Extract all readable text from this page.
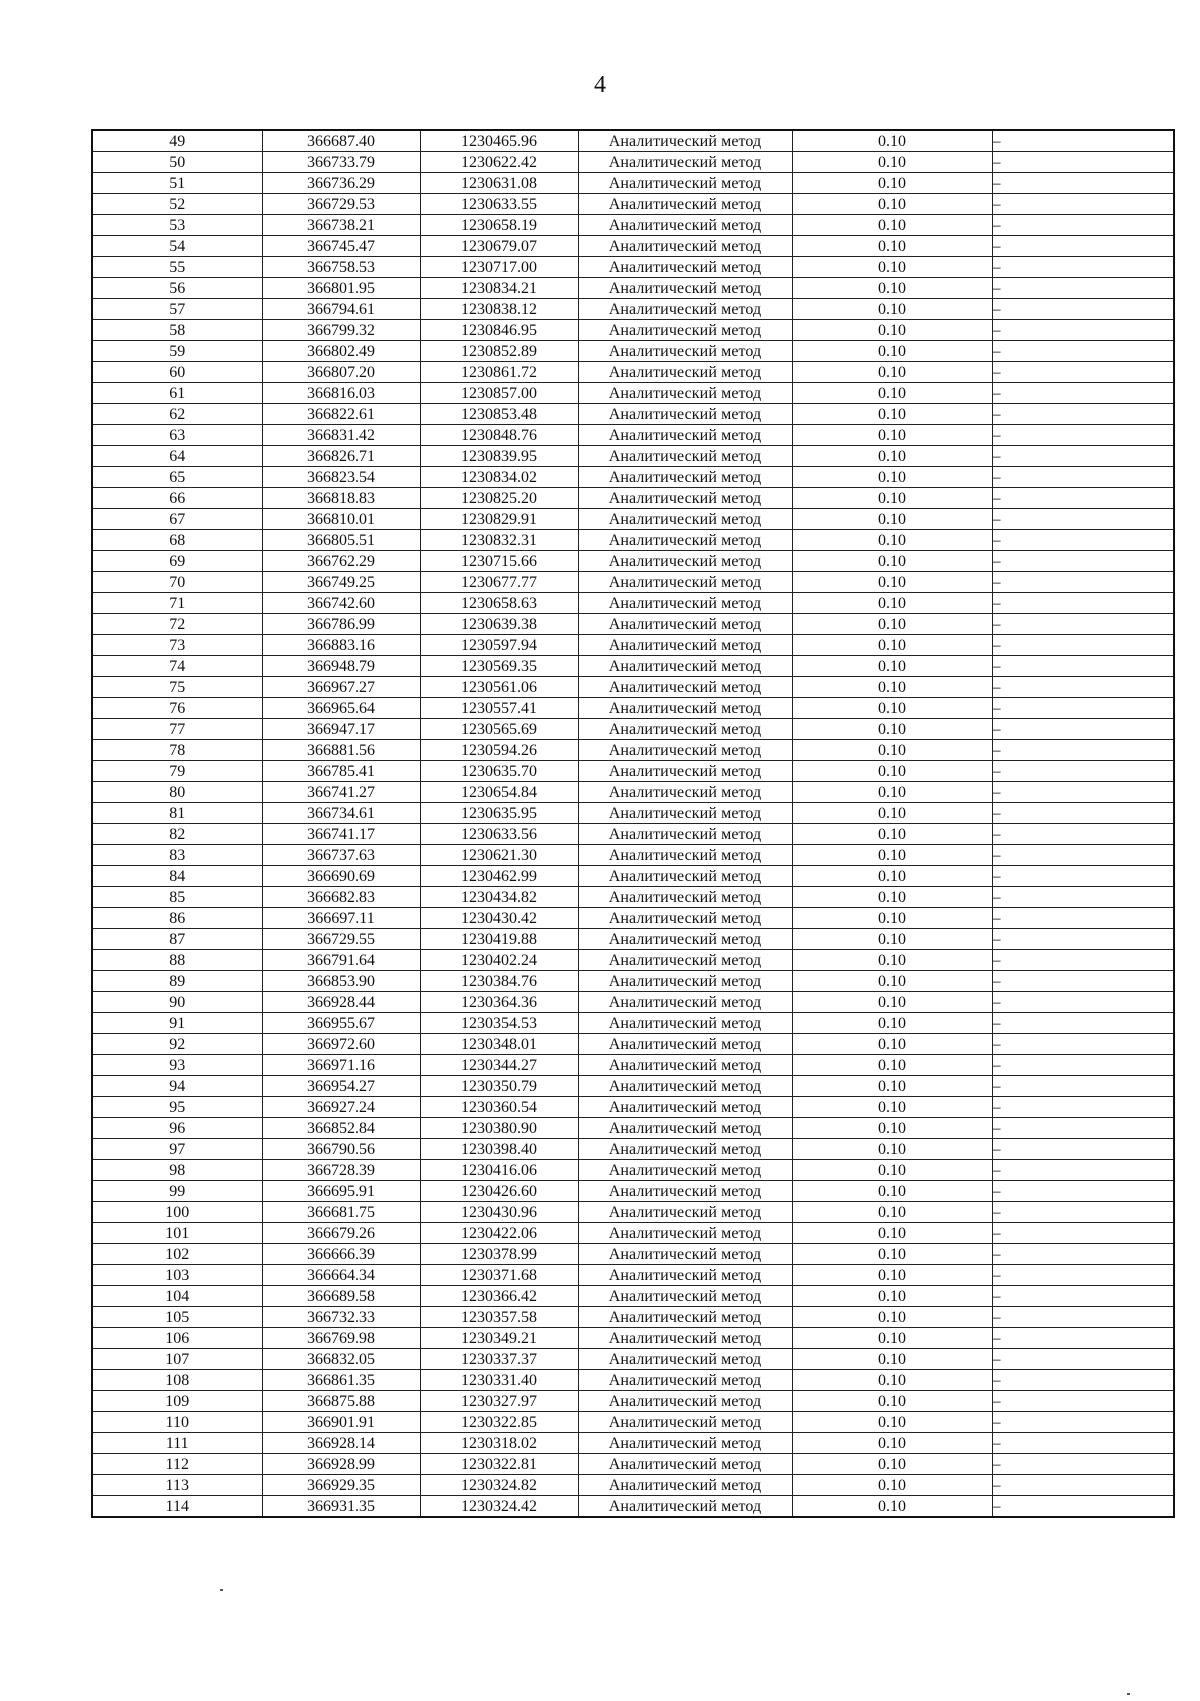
4
49	366687.40	1230465.96	Аналитический метод	0.10	–
50	366733.79	1230622.42	Аналитический метод	0.10	–
51	366736.29	1230631.08	Аналитический метод	0.10	–
52	366729.53	1230633.55	Аналитический метод	0.10	–
53	366738.21	1230658.19	Аналитический метод	0.10	–
54	366745.47	1230679.07	Аналитический метод	0.10	–
55	366758.53	1230717.00	Аналитический метод	0.10	–
56	366801.95	1230834.21	Аналитический метод	0.10	–
57	366794.61	1230838.12	Аналитический метод	0.10	–
58	366799.32	1230846.95	Аналитический метод	0.10	–
59	366802.49	1230852.89	Аналитический метод	0.10	–
60	366807.20	1230861.72	Аналитический метод	0.10	–
61	366816.03	1230857.00	Аналитический метод	0.10	–
62	366822.61	1230853.48	Аналитический метод	0.10	–
63	366831.42	1230848.76	Аналитический метод	0.10	–
64	366826.71	1230839.95	Аналитический метод	0.10	–
65	366823.54	1230834.02	Аналитический метод	0.10	–
66	366818.83	1230825.20	Аналитический метод	0.10	–
67	366810.01	1230829.91	Аналитический метод	0.10	–
68	366805.51	1230832.31	Аналитический метод	0.10	–
69	366762.29	1230715.66	Аналитический метод	0.10	–
70	366749.25	1230677.77	Аналитический метод	0.10	–
71	366742.60	1230658.63	Аналитический метод	0.10	–
72	366786.99	1230639.38	Аналитический метод	0.10	–
73	366883.16	1230597.94	Аналитический метод	0.10	–
74	366948.79	1230569.35	Аналитический метод	0.10	–
75	366967.27	1230561.06	Аналитический метод	0.10	–
76	366965.64	1230557.41	Аналитический метод	0.10	–
77	366947.17	1230565.69	Аналитический метод	0.10	–
78	366881.56	1230594.26	Аналитический метод	0.10	–
79	366785.41	1230635.70	Аналитический метод	0.10	–
80	366741.27	1230654.84	Аналитический метод	0.10	–
81	366734.61	1230635.95	Аналитический метод	0.10	–
82	366741.17	1230633.56	Аналитический метод	0.10	–
83	366737.63	1230621.30	Аналитический метод	0.10	–
84	366690.69	1230462.99	Аналитический метод	0.10	–
85	366682.83	1230434.82	Аналитический метод	0.10	–
86	366697.11	1230430.42	Аналитический метод	0.10	–
87	366729.55	1230419.88	Аналитический метод	0.10	–
88	366791.64	1230402.24	Аналитический метод	0.10	–
89	366853.90	1230384.76	Аналитический метод	0.10	–
90	366928.44	1230364.36	Аналитический метод	0.10	–
91	366955.67	1230354.53	Аналитический метод	0.10	–
92	366972.60	1230348.01	Аналитический метод	0.10	–
93	366971.16	1230344.27	Аналитический метод	0.10	–
94	366954.27	1230350.79	Аналитический метод	0.10	–
95	366927.24	1230360.54	Аналитический метод	0.10	–
96	366852.84	1230380.90	Аналитический метод	0.10	–
97	366790.56	1230398.40	Аналитический метод	0.10	–
98	366728.39	1230416.06	Аналитический метод	0.10	–
99	366695.91	1230426.60	Аналитический метод	0.10	–
100	366681.75	1230430.96	Аналитический метод	0.10	–
101	366679.26	1230422.06	Аналитический метод	0.10	–
102	366666.39	1230378.99	Аналитический метод	0.10	–
103	366664.34	1230371.68	Аналитический метод	0.10	–
104	366689.58	1230366.42	Аналитический метод	0.10	–
105	366732.33	1230357.58	Аналитический метод	0.10	–
106	366769.98	1230349.21	Аналитический метод	0.10	–
107	366832.05	1230337.37	Аналитический метод	0.10	–
108	366861.35	1230331.40	Аналитический метод	0.10	–
109	366875.88	1230327.97	Аналитический метод	0.10	–
110	366901.91	1230322.85	Аналитический метод	0.10	–
111	366928.14	1230318.02	Аналитический метод	0.10	–
112	366928.99	1230322.81	Аналитический метод	0.10	–
113	366929.35	1230324.82	Аналитический метод	0.10	–
114	366931.35	1230324.42	Аналитический метод	0.10	–
